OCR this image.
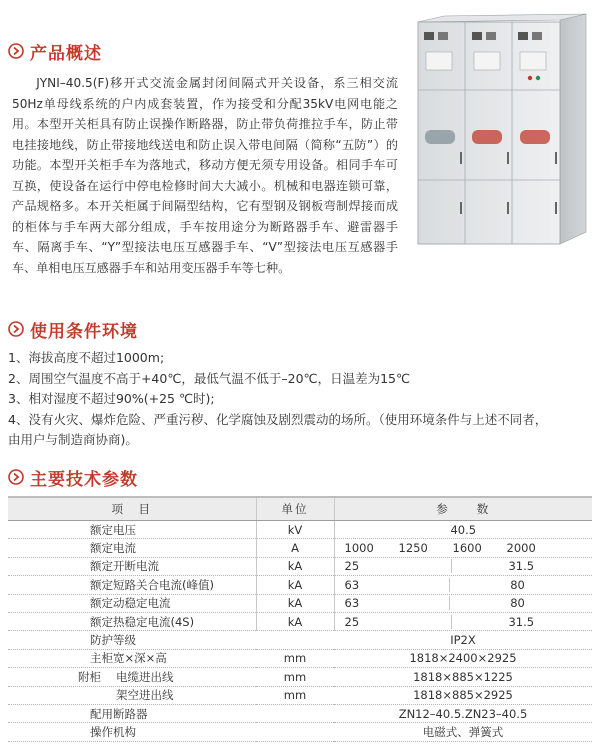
产品概述

JYNI–40.5(F)移开式交流金属封闭间隔式开关设备，系三相交流50Hz单母线系统的户内成套装置，作为接受和分配35kV电网电能之用。本型开关柜具有防止误操作断路器，防止带负荷推拉手车，防止带电挂接地线，防止带接地线送电和防止误入带电间隔（简称“五防”）的功能。本型开关柜手车为落地式，移动方便无须专用设备。相同手车可互换，使设备在运行中停电检修时间大大减小。机械和电器连锁可靠，产品规格多。本开关柜属于间隔型结构，它有型钢及钢板弯制焊接而成的柜体与手车两大部分组成，手车按用途分为断路器手车、避雷器手车、隔离手车、“Y”型接法电压互感器手车、“V”型接法电压互感器手车、单相电压互感器手车和站用变压器手车等七种。

使用条件环境
1、海拔高度不超过1000m;
2、周围空气温度不高于+40℃，最低气温不低于–20℃，日温差为15℃
3、相对湿度不超过90%(+25 ℃时);
4、没有火灾、爆炸危险、严重污秽、化学腐蚀及剧烈震动的场所。（使用环境条件与上述不同者，
由用户与制造商协商)。
主要技术参数
项　目	单位	参　　数
额定电压	kV	40.5
额定电流	A	1000 1250 1600 2000

额定开断电流	kA	25 31.5

额定短路关合电流(峰值)	kA	63 80

额定动稳定电流	kA	63 80

额定热稳定电流(4S)	kA	25 31.5

防护等级		IP2X
主柜宽×深×高	mm	1818×2400×2925

附柜 电缆进出线	mm	1818×885×1225
架空进出线	mm	1818×885×2925
配用断路器		ZN12–40.5.ZN23–40.5
操作机构		电磁式、弹簧式
